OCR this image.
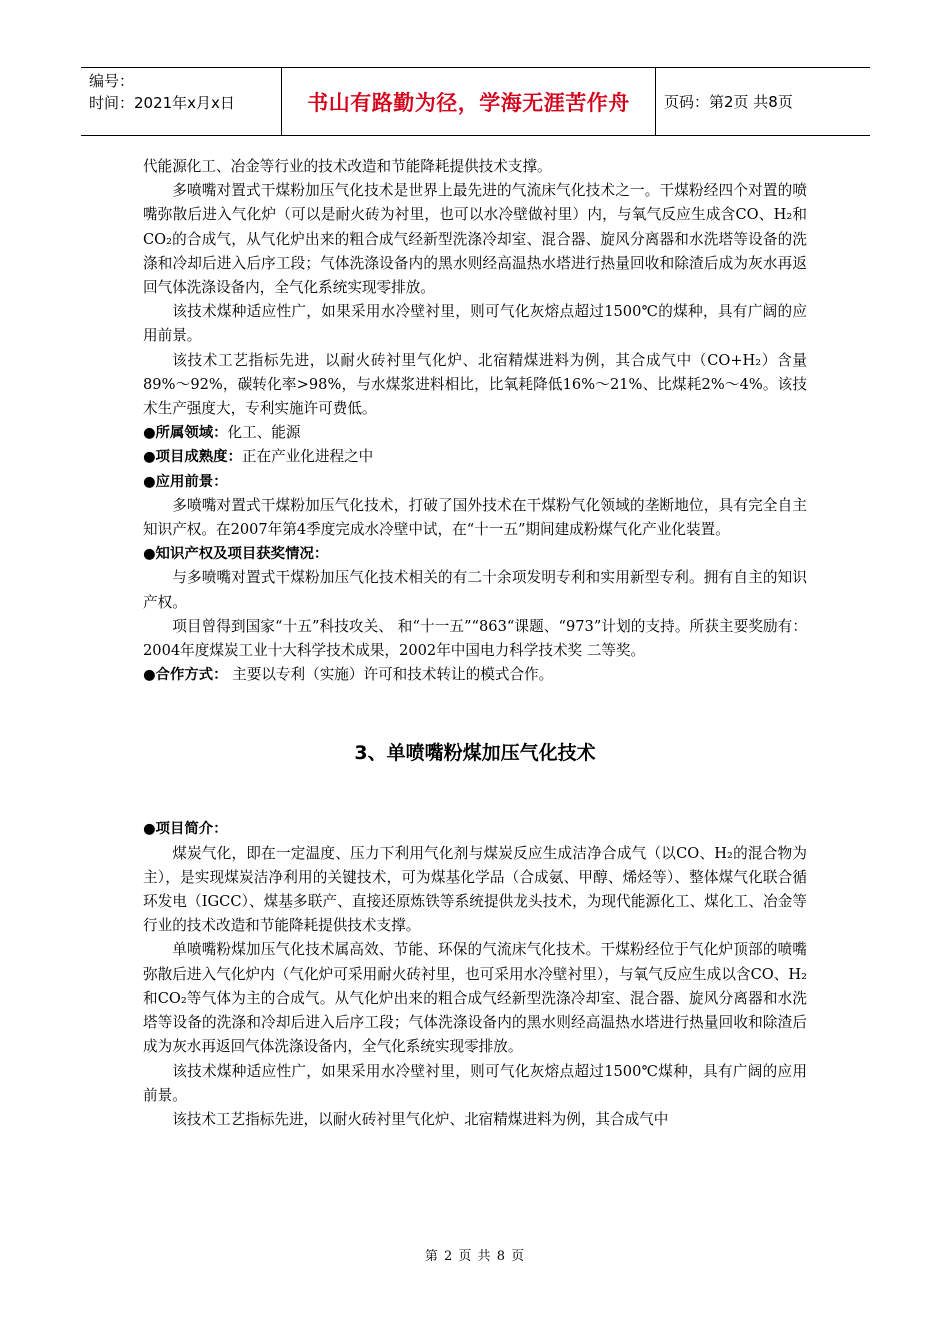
编号：
时间：2021年x月x日	书山有路勤为径，学海无涯苦作舟 页码：第2页 共8页

代能源化工、冶金等行业的技术改造和节能降耗提供技术支撑。

多喷嘴对置式干煤粉加压气化技术是世界上最先进的气流床气化技术之一。干煤粉经四个对置的喷嘴弥散后进入气化炉（可以是耐火砖为衬里，也可以水冷壁做衬里）内，与氧气反应生成含CO、H₂和CO₂的合成气，从气化炉出来的粗合成气经新型洗涤冷却室、混合器、旋风分离器和水洗塔等设备的洗涤和冷却后进入后序工段；气体洗涤设备内的黑水则经高温热水塔进行热量回收和除渣后成为灰水再返回气体洗涤设备内，全气化系统实现零排放。

该技术煤种适应性广，如果采用水冷壁衬里，则可气化灰熔点超过1500℃的煤种，具有广阔的应用前景。

该技术工艺指标先进，以耐火砖衬里气化炉、北宿精煤进料为例，其合成气中（CO+H₂）含量89%～92%，碳转化率>98%，与水煤浆进料相比，比氧耗降低16%～21%、比煤耗2%～4%。该技术生产强度大，专利实施许可费低。

●所属领域：化工、能源

●项目成熟度：正在产业化进程之中

●应用前景：

多喷嘴对置式干煤粉加压气化技术，打破了国外技术在干煤粉气化领域的垄断地位，具有完全自主知识产权。在2007年第4季度完成水冷壁中试，在“十一五”期间建成粉煤气化产业化装置。

●知识产权及项目获奖情况：

与多喷嘴对置式干煤粉加压气化技术相关的有二十余项发明专利和实用新型专利。拥有自主的知识产权。

项目曾得到国家“十五”科技攻关、 和“十一五”“863“课题、“973”计划的支持。所获主要奖励有：2004年度煤炭工业十大科学技术成果，2002年中国电力科学技术奖 二等奖。

●合作方式： 主要以专利（实施）许可和技术转让的模式合作。

3、单喷嘴粉煤加压气化技术

●项目简介：

煤炭气化，即在一定温度、压力下利用气化剂与煤炭反应生成洁净合成气（以CO、H₂的混合物为主），是实现煤炭洁净利用的关键技术，可为煤基化学品（合成氨、甲醇、烯烃等）、整体煤气化联合循环发电（IGCC）、煤基多联产、直接还原炼铁等系统提供龙头技术，为现代能源化工、煤化工、冶金等行业的技术改造和节能降耗提供技术支撑。

单喷嘴粉煤加压气化技术属高效、节能、环保的气流床气化技术。干煤粉经位于气化炉顶部的喷嘴弥散后进入气化炉内（气化炉可采用耐火砖衬里，也可采用水冷壁衬里），与氧气反应生成以含CO、H₂和CO₂等气体为主的合成气。从气化炉出来的粗合成气经新型洗涤冷却室、混合器、旋风分离器和水洗塔等设备的洗涤和冷却后进入后序工段；气体洗涤设备内的黑水则经高温热水塔进行热量回收和除渣后成为灰水再返回气体洗涤设备内，全气化系统实现零排放。

该技术煤种适应性广，如果采用水冷壁衬里，则可气化灰熔点超过1500℃煤种，具有广阔的应用前景。

该技术工艺指标先进，以耐火砖衬里气化炉、北宿精煤进料为例，其合成气中

第 2 页 共 8 页
